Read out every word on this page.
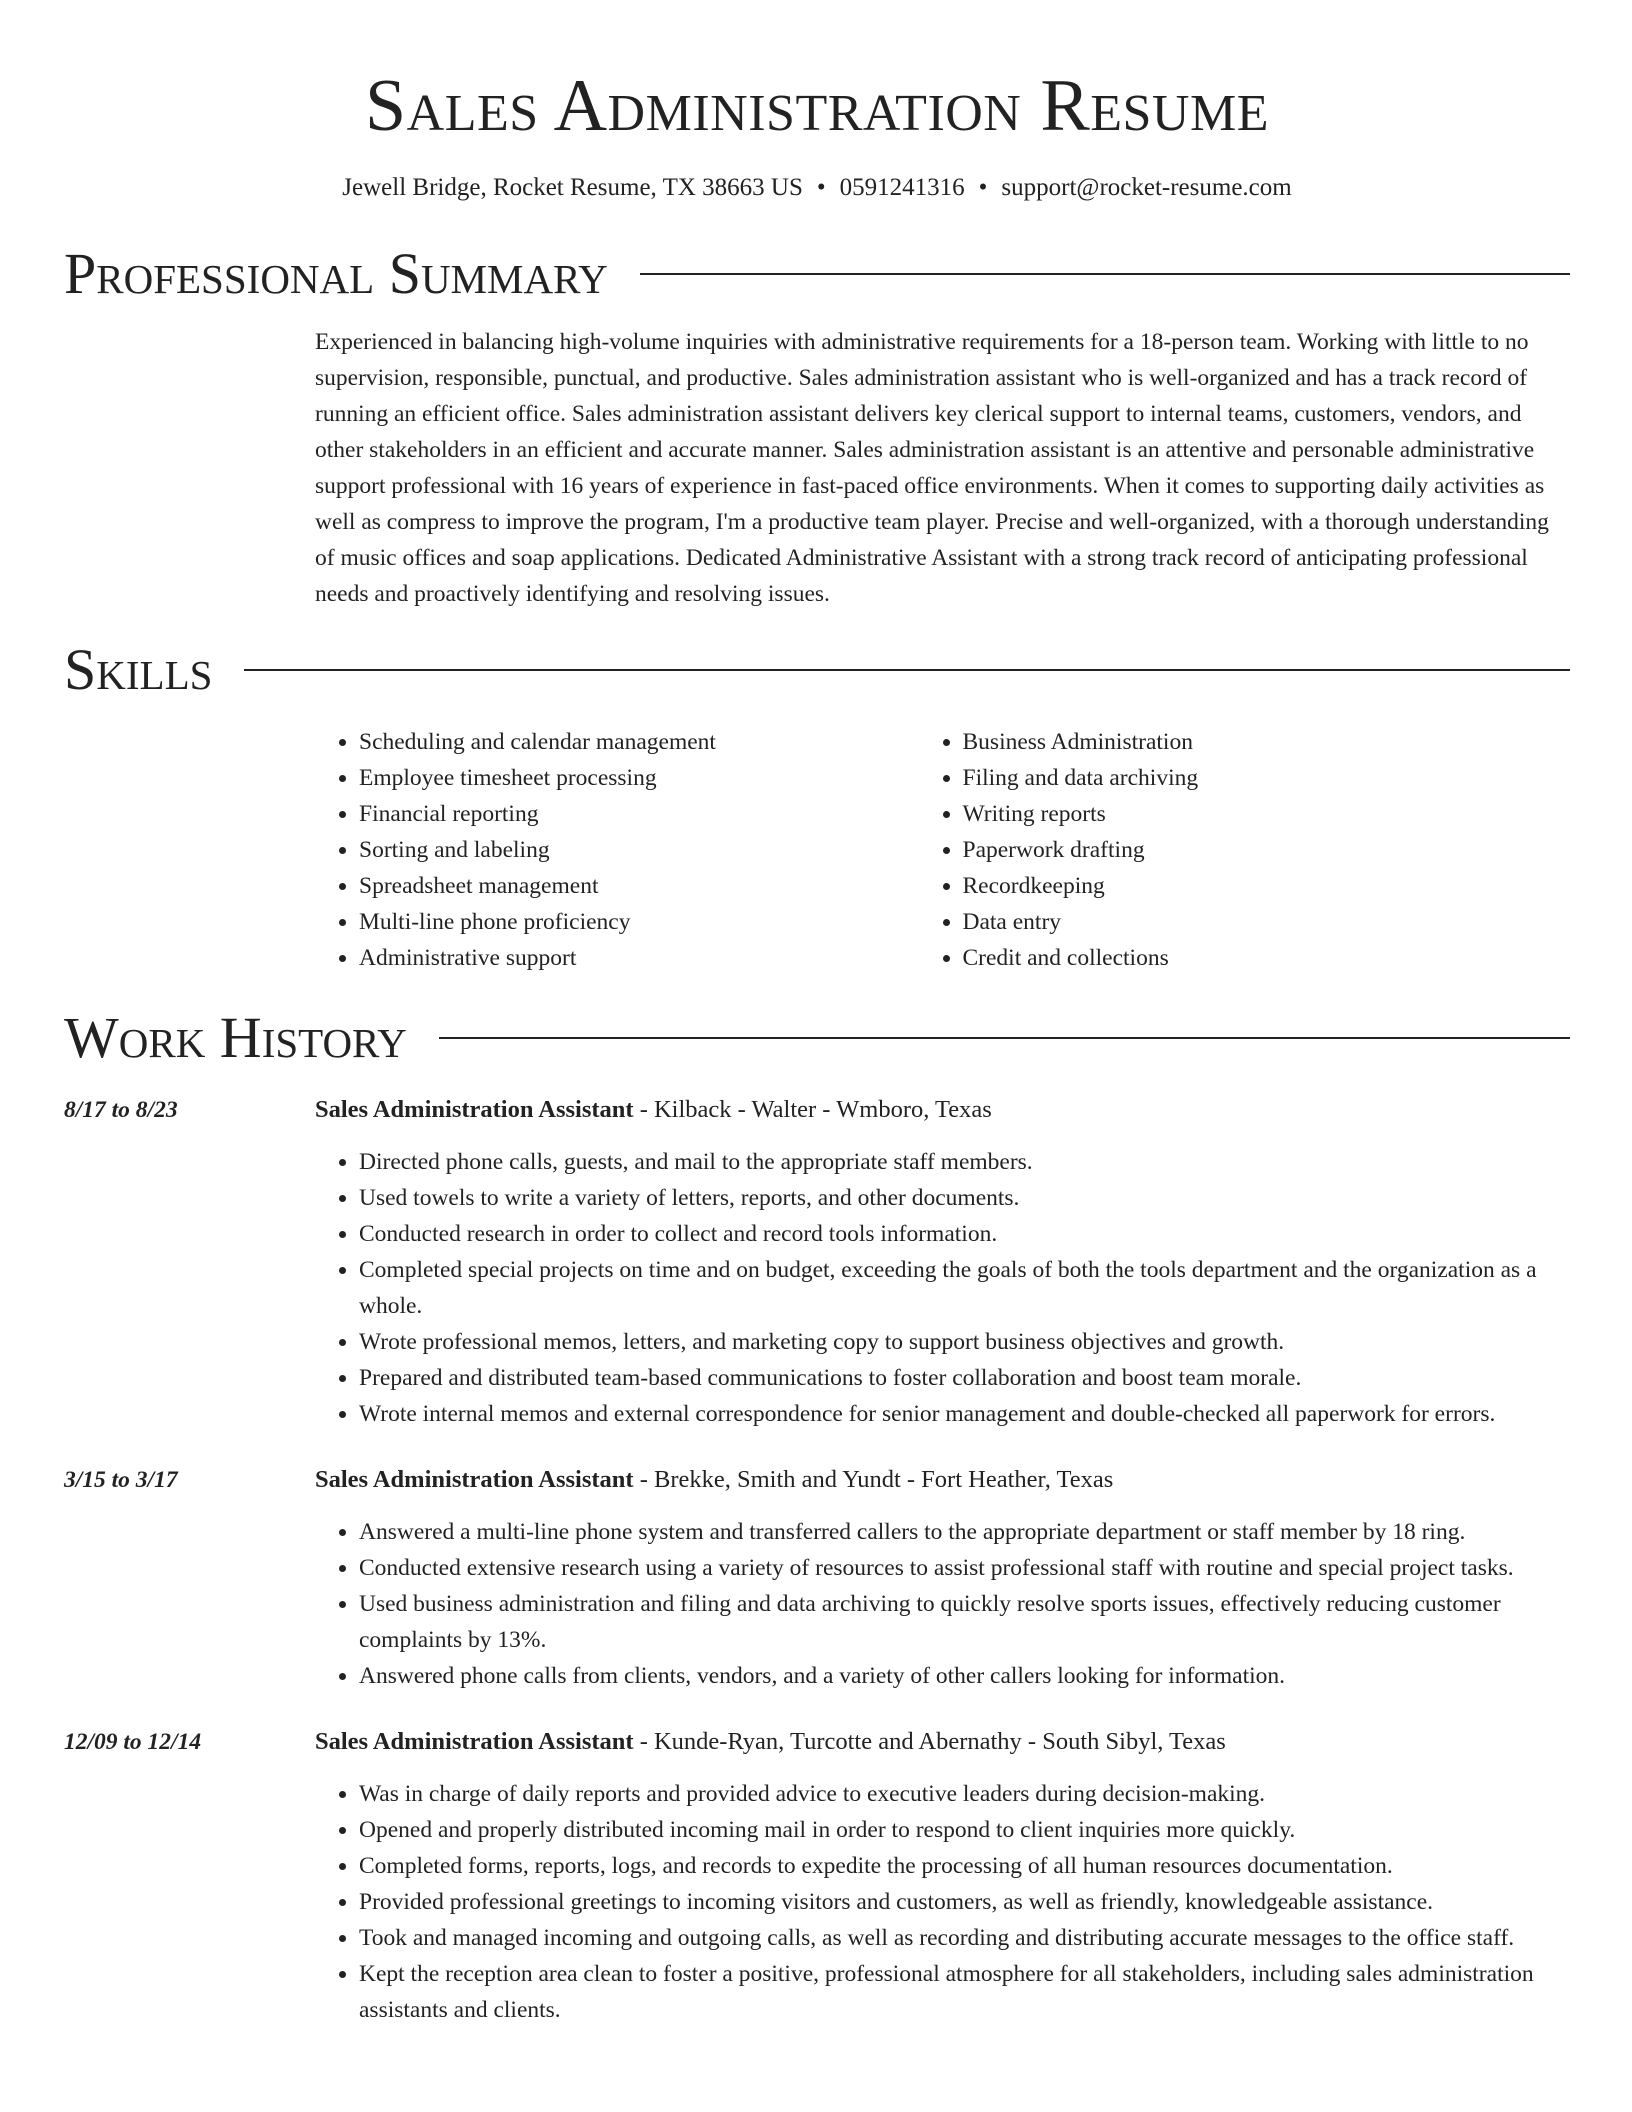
Sales Administration Resume
Jewell Bridge, Rocket Resume, TX 38663 US • 0591241316 • support@rocket-resume.com
Professional Summary
Experienced in balancing high-volume inquiries with administrative requirements for a 18-person team. Working with little to no supervision, responsible, punctual, and productive. Sales administration assistant who is well-organized and has a track record of running an efficient office. Sales administration assistant delivers key clerical support to internal teams, customers, vendors, and other stakeholders in an efficient and accurate manner. Sales administration assistant is an attentive and personable administrative support professional with 16 years of experience in fast-paced office environments. When it comes to supporting daily activities as well as compress to improve the program, I'm a productive team player. Precise and well-organized, with a thorough understanding of music offices and soap applications. Dedicated Administrative Assistant with a strong track record of anticipating professional needs and proactively identifying and resolving issues.
Skills
• Scheduling and calendar management
• Employee timesheet processing
• Financial reporting
• Sorting and labeling
• Spreadsheet management
• Multi-line phone proficiency
• Administrative support
• Business Administration
• Filing and data archiving
• Writing reports
• Paperwork drafting
• Recordkeeping
• Data entry
• Credit and collections
Work History
8/17 to 8/23	Sales Administration Assistant - Kilback - Walter - Wmboro, Texas
• Directed phone calls, guests, and mail to the appropriate staff members.
• Used towels to write a variety of letters, reports, and other documents.
• Conducted research in order to collect and record tools information.
• Completed special projects on time and on budget, exceeding the goals of both the tools department and the organization as a whole.
• Wrote professional memos, letters, and marketing copy to support business objectives and growth.
• Prepared and distributed team-based communications to foster collaboration and boost team morale.
• Wrote internal memos and external correspondence for senior management and double-checked all paperwork for errors.
3/15 to 3/17	Sales Administration Assistant - Brekke, Smith and Yundt - Fort Heather, Texas
• Answered a multi-line phone system and transferred callers to the appropriate department or staff member by 18 ring.
• Conducted extensive research using a variety of resources to assist professional staff with routine and special project tasks.
• Used business administration and filing and data archiving to quickly resolve sports issues, effectively reducing customer complaints by 13%.
• Answered phone calls from clients, vendors, and a variety of other callers looking for information.
12/09 to 12/14	Sales Administration Assistant - Kunde-Ryan, Turcotte and Abernathy - South Sibyl, Texas
• Was in charge of daily reports and provided advice to executive leaders during decision-making.
• Opened and properly distributed incoming mail in order to respond to client inquiries more quickly.
• Completed forms, reports, logs, and records to expedite the processing of all human resources documentation.
• Provided professional greetings to incoming visitors and customers, as well as friendly, knowledgeable assistance.
• Took and managed incoming and outgoing calls, as well as recording and distributing accurate messages to the office staff.
• Kept the reception area clean to foster a positive, professional atmosphere for all stakeholders, including sales administration assistants and clients.
